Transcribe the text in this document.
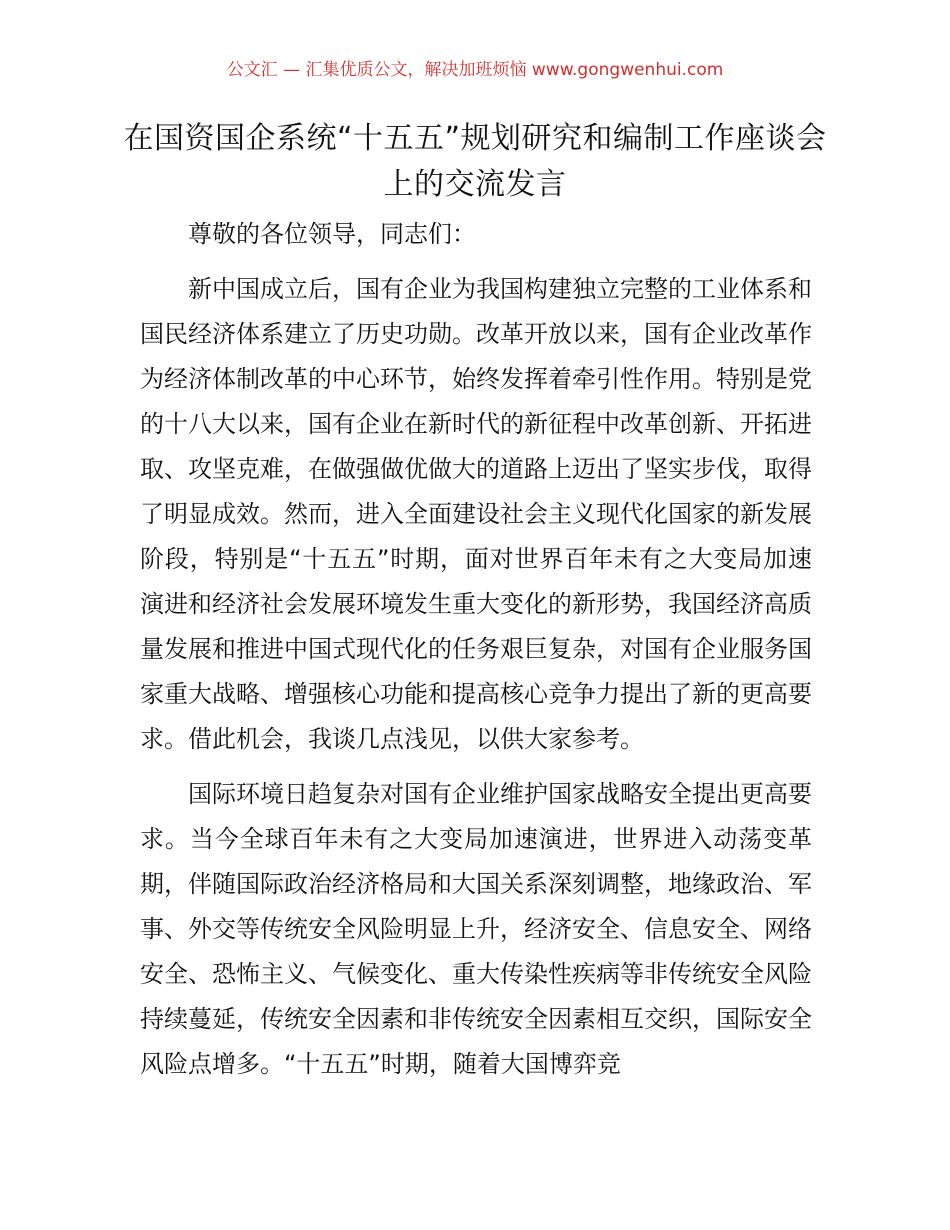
公文汇 — 汇集优质公文，解决加班烦恼 www.gongwenhui.com
在国资国企系统“十五五”规划研究和编制工作座谈会上的交流发言

尊敬的各位领导，同志们：

新中国成立后，国有企业为我国构建独立完整的工业体系和国民经济体系建立了历史功勋。改革开放以来，国有企业改革作为经济体制改革的中心环节，始终发挥着牵引性作用。特别是党的十八大以来，国有企业在新时代的新征程中改革创新、开拓进取、攻坚克难，在做强做优做大的道路上迈出了坚实步伐，取得了明显成效。然而，进入全面建设社会主义现代化国家的新发展阶段，特别是“十五五”时期，面对世界百年未有之大变局加速演进和经济社会发展环境发生重大变化的新形势，我国经济高质量发展和推进中国式现代化的任务艰巨复杂，对国有企业服务国家重大战略、增强核心功能和提高核心竞争力提出了新的更高要求。借此机会，我谈几点浅见，以供大家参考。

国际环境日趋复杂对国有企业维护国家战略安全提出更高要求。当今全球百年未有之大变局加速演进，世界进入动荡变革期，伴随国际政治经济格局和大国关系深刻调整，地缘政治、军事、外交等传统安全风险明显上升，经济安全、信息安全、网络安全、恐怖主义、气候变化、重大传染性疾病等非传统安全风险持续蔓延，传统安全因素和非传统安全因素相互交织，国际安全风险点增多。“十五五”时期，随着大国博弈竞
